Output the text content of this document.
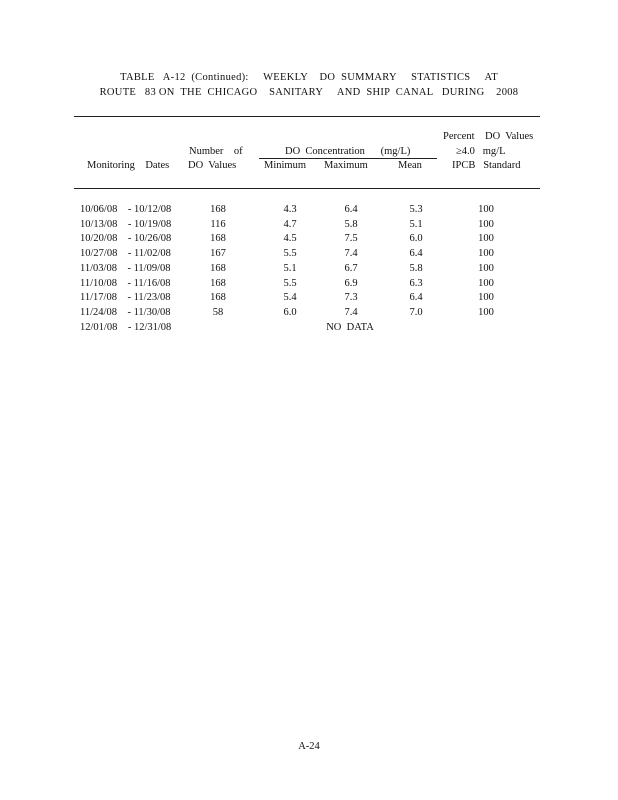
TABLE   A-12  (Continued):     WEEKLY    DO  SUMMARY     STATISTICS     AT
ROUTE   83 ON  THE  CHICAGO    SANITARY     AND  SHIP  CANAL   DURING    2008
Percent    DO  Values
Number    of	DO  Concentration      (mg/L)	≥4.0   mg/L
Monitoring    Dates DO  Values	Minimum Maximum	Mean	IPCB   Standard
10/06/08    - 10/12/08	168	4.3	6.4	5.3	100
10/13/08    - 10/19/08	116	4.7	5.8	5.1	100
10/20/08    - 10/26/08	168	4.5	7.5	6.0	100
10/27/08    - 11/02/08	167	5.5	7.4	6.4	100
11/03/08    - 11/09/08	168	5.1	6.7	5.8	100
11/10/08    - 11/16/08	168	5.5	6.9	6.3	100
11/17/08    - 11/23/08	168	5.4	7.3	6.4	100
11/24/08    - 11/30/08	58	6.0	7.4	7.0	100
12/01/08    - 12/31/08	NO  DATA
A-24
